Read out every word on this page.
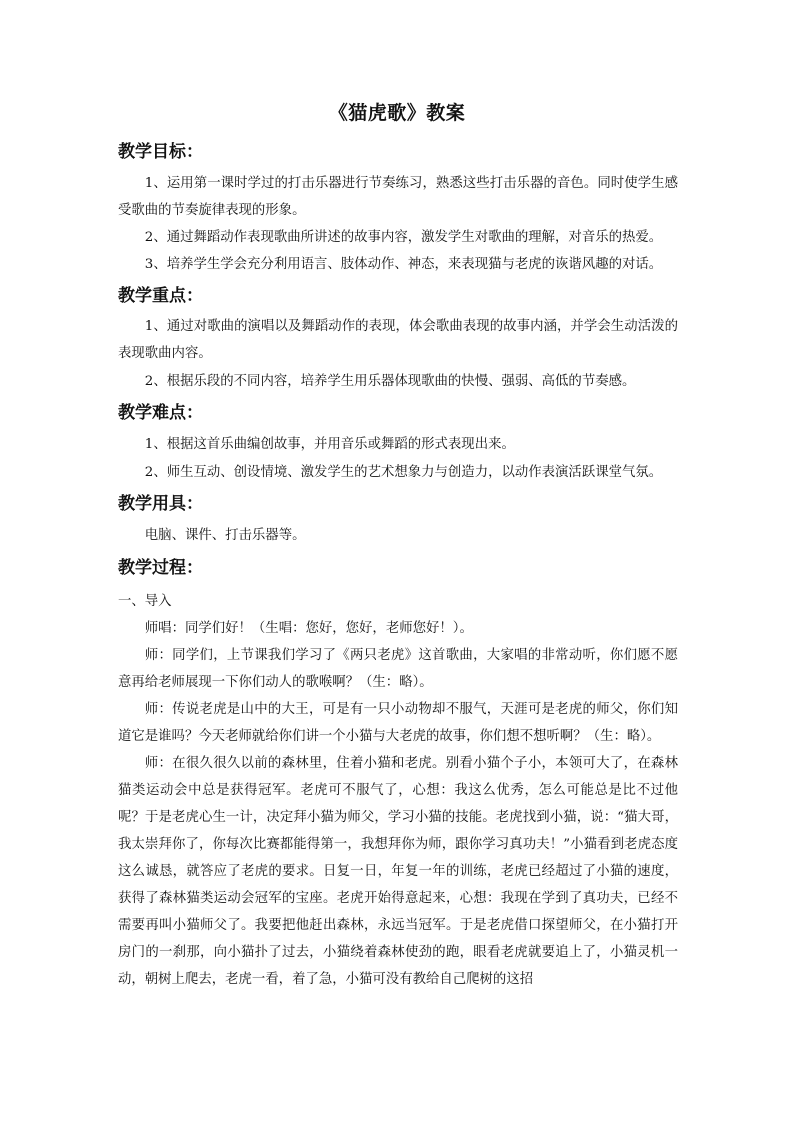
《猫虎歌》教案
教学目标：
1、运用第一课时学过的打击乐器进行节奏练习，熟悉这些打击乐器的音色。同时使学生感受歌曲的节奏旋律表现的形象。
2、通过舞蹈动作表现歌曲所讲述的故事内容，激发学生对歌曲的理解，对音乐的热爱。
3、培养学生学会充分利用语言、肢体动作、神态，来表现猫与老虎的诙谐风趣的对话。
教学重点：
1、通过对歌曲的演唱以及舞蹈动作的表现，体会歌曲表现的故事内涵，并学会生动活泼的表现歌曲内容。
2、根据乐段的不同内容，培养学生用乐器体现歌曲的快慢、强弱、高低的节奏感。
教学难点：
1、根据这首乐曲编创故事，并用音乐或舞蹈的形式表现出来。
2、师生互动、创设情境、激发学生的艺术想象力与创造力，以动作表演活跃课堂气氛。
教学用具：
电脑、课件、打击乐器等。
教学过程：
一、导入
师唱：同学们好！（生唱：您好，您好，老师您好！）。
师：同学们，上节课我们学习了《两只老虎》这首歌曲，大家唱的非常动听，你们愿不愿意再给老师展现一下你们动人的歌喉啊？（生：略）。
师：传说老虎是山中的大王，可是有一只小动物却不服气，天涯可是老虎的师父，你们知道它是谁吗？今天老师就给你们讲一个小猫与大老虎的故事，你们想不想听啊？（生：略）。
师：在很久很久以前的森林里，住着小猫和老虎。别看小猫个子小，本领可大了，在森林猫类运动会中总是获得冠军。老虎可不服气了，心想：我这么优秀，怎么可能总是比不过他呢？于是老虎心生一计，决定拜小猫为师父，学习小猫的技能。老虎找到小猫，说：“猫大哥，我太崇拜你了，你每次比赛都能得第一，我想拜你为师，跟你学习真功夫！”小猫看到老虎态度这么诚恳，就答应了老虎的要求。日复一日，年复一年的训练，老虎已经超过了小猫的速度，获得了森林猫类运动会冠军的宝座。老虎开始得意起来，心想：我现在学到了真功夫，已经不需要再叫小猫师父了。我要把他赶出森林，永远当冠军。于是老虎借口探望师父，在小猫打开房门的一刹那，向小猫扑了过去，小猫绕着森林使劲的跑，眼看老虎就要追上了，小猫灵机一动，朝树上爬去，老虎一看，着了急，小猫可没有教给自己爬树的这招
